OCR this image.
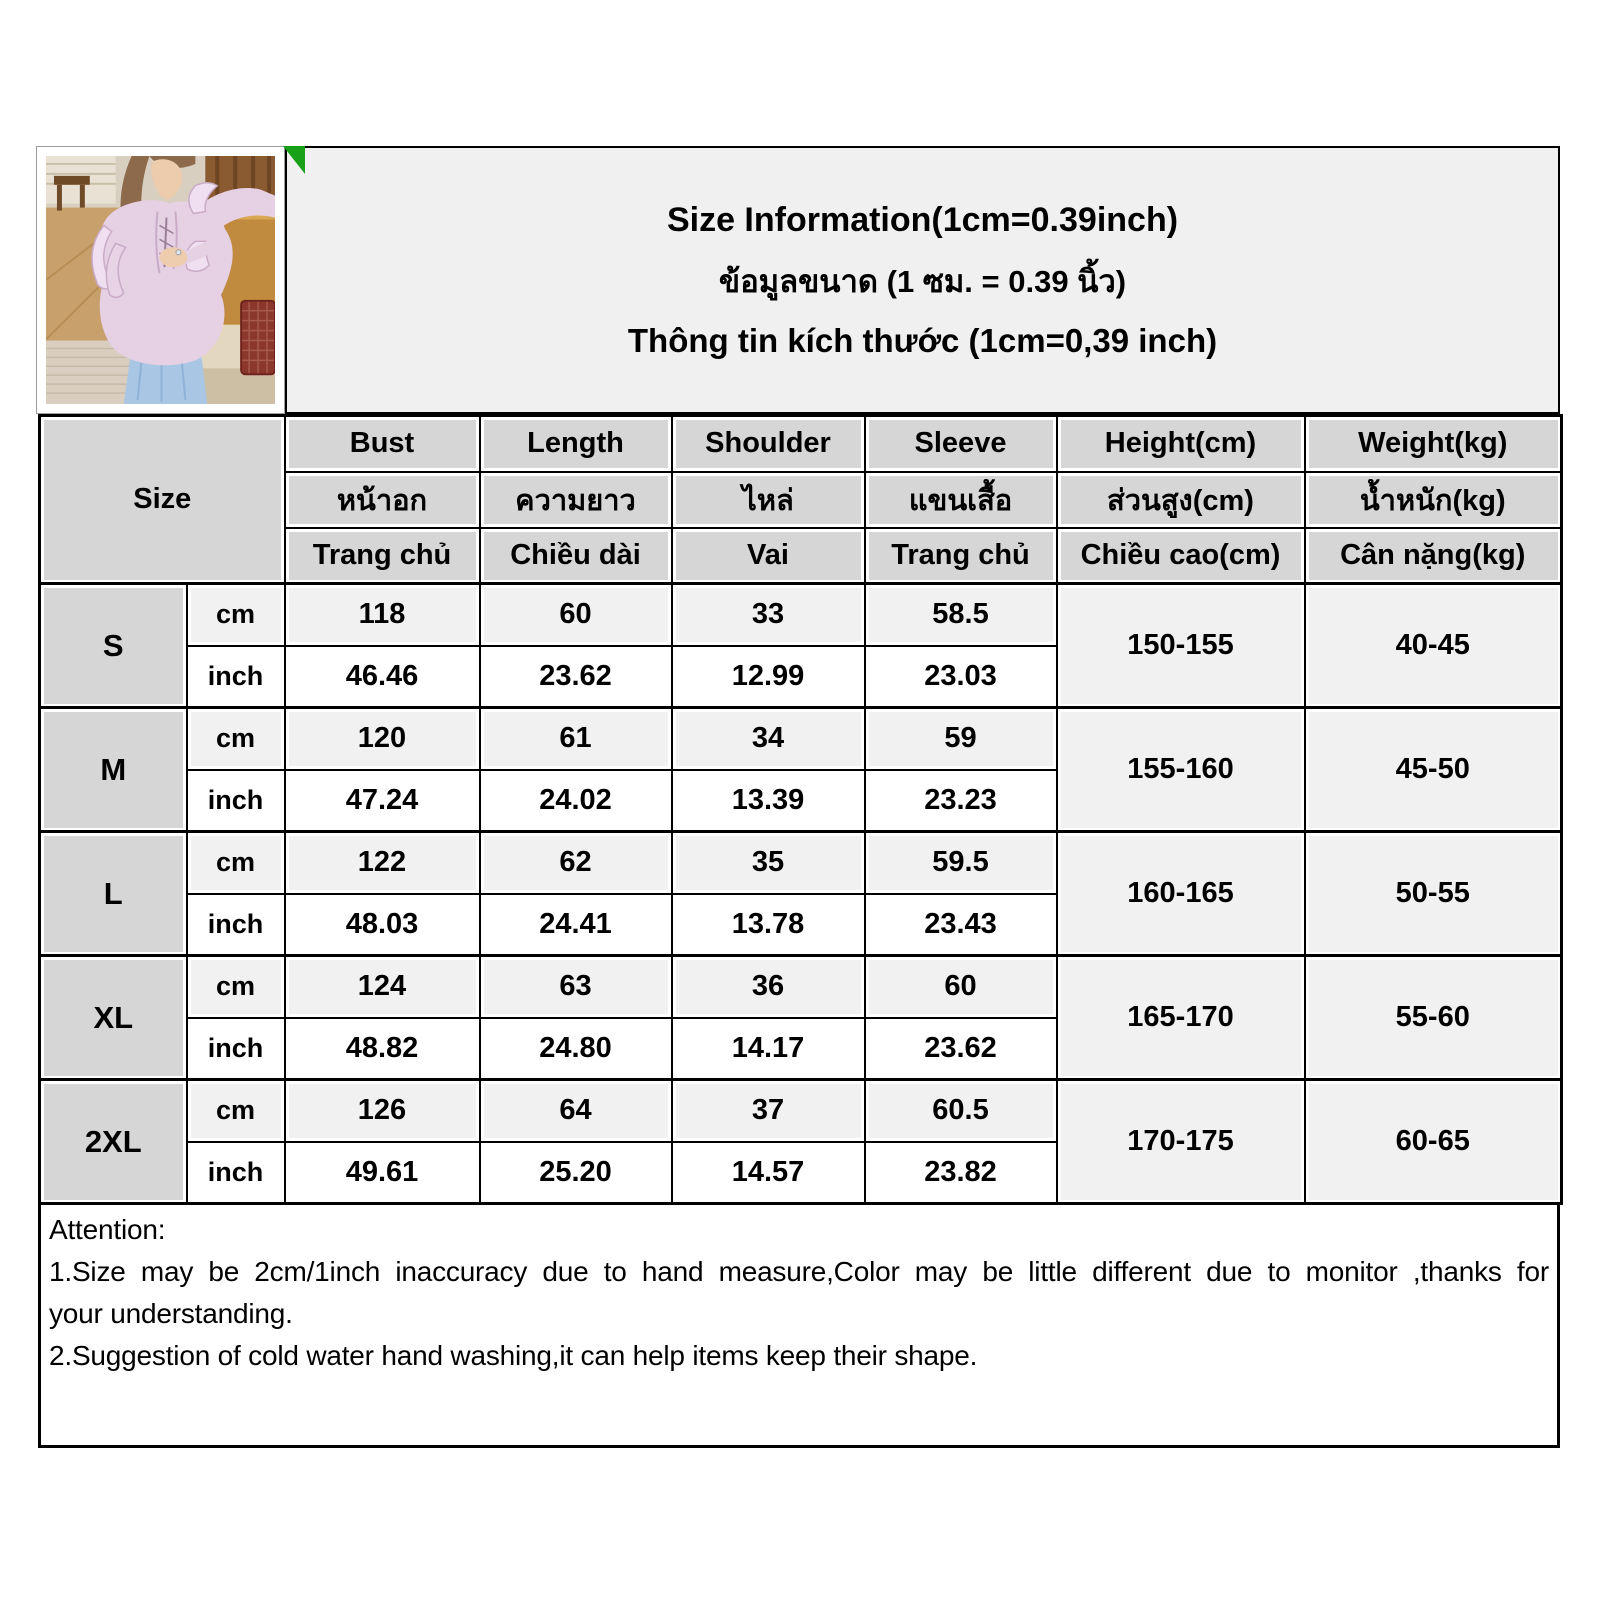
Size Information(1cm=0.39inch)
ข้อมูลขนาด (1 ซม. = 0.39 นิ้ว)
Thông tin kích thước (1cm=0,39 inch)
Size		Bust	Length	Shoulder	Sleeve	Height(cm)	Weight(kg)
		หน้าอก	ความยาว	ไหล่	แขนเสื้อ	ส่วนสูง(cm)	น้ำหนัก(kg)
		Trang chủ	Chiều dài	Vai	Trang chủ	Chiều cao(cm)	Cân nặng(kg)
S	cm	118	60	33	58.5	150-155	40-45
	inch	46.46	23.62	12.99	23.03		
M	cm	120	61	34	59	155-160	45-50
	inch	47.24	24.02	13.39	23.23		
L	cm	122	62	35	59.5	160-165	50-55
	inch	48.03	24.41	13.78	23.43		
XL	cm	124	63	36	60	165-170	55-60
	inch	48.82	24.80	14.17	23.62		
2XL	cm	126	64	37	60.5	170-175	60-65
	inch	49.61	25.20	14.57	23.82		
Attention:
1.Size may be 2cm/1inch inaccuracy due to hand measure,Color may be little different due to monitor ,thanks for
your understanding.
2.Suggestion of cold water hand washing,it can help items keep their shape.
